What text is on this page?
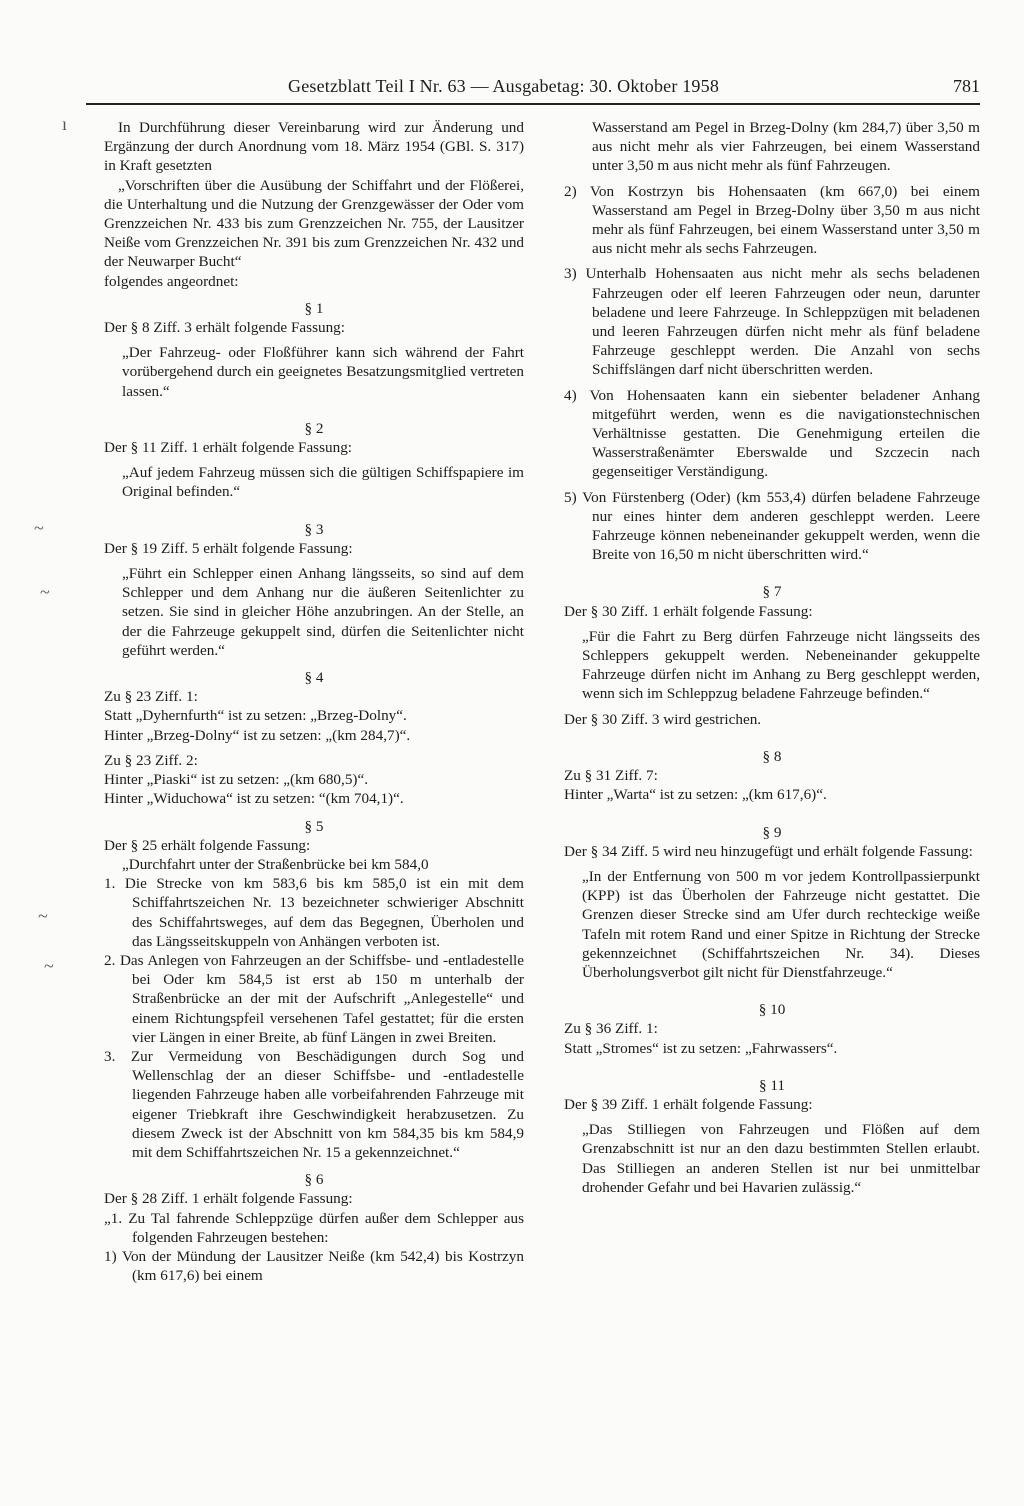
Gesetzblatt Teil I Nr. 63 — Ausgabetag: 30. Oktober 1958	781
ı
~
~
~
~

In Durchführung dieser Vereinbarung wird zur Änderung und Ergänzung der durch Anordnung vom 18. März 1954 (GBl. S. 317) in Kraft gesetzten

„Vorschriften über die Ausübung der Schiffahrt und der Flößerei, die Unterhaltung und die Nutzung der Grenzgewässer der Oder vom Grenzzeichen Nr. 433 bis zum Grenzzeichen Nr. 755, der Lausitzer Neiße vom Grenzzeichen Nr. 391 bis zum Grenzzeichen Nr. 432 und der Neuwarper Bucht“

folgendes angeordnet:

§ 1

Der § 8 Ziff. 3 erhält folgende Fassung:

„Der Fahrzeug- oder Floßführer kann sich während der Fahrt vorübergehend durch ein geeignetes Besatzungsmitglied vertreten lassen.“

§ 2

Der § 11 Ziff. 1 erhält folgende Fassung:

„Auf jedem Fahrzeug müssen sich die gültigen Schiffspapiere im Original befinden.“

§ 3

Der § 19 Ziff. 5 erhält folgende Fassung:

„Führt ein Schlepper einen Anhang längsseits, so sind auf dem Schlepper und dem Anhang nur die äußeren Seitenlichter zu setzen. Sie sind in gleicher Höhe anzubringen. An der Stelle, an der die Fahrzeuge gekuppelt sind, dürfen die Seitenlichter nicht geführt werden.“

§ 4

Zu § 23 Ziff. 1:

Statt „Dyhernfurth“ ist zu setzen: „Brzeg-Dolny“.

Hinter „Brzeg-Dolny“ ist zu setzen: „(km 284,7)“.

Zu § 23 Ziff. 2:

Hinter „Piaski“ ist zu setzen: „(km 680,5)“.

Hinter „Widuchowa“ ist zu setzen: “(km 704,1)“.

§ 5

Der § 25 erhält folgende Fassung:

„Durchfahrt unter der Straßenbrücke bei km 584,0

1. Die Strecke von km 583,6 bis km 585,0 ist ein mit dem Schiffahrtszeichen Nr. 13 bezeichneter schwieriger Abschnitt des Schiffahrtsweges, auf dem das Begegnen, Überholen und das Längsseitskuppeln von Anhängen verboten ist.

2. Das Anlegen von Fahrzeugen an der Schiffsbe- und -entladestelle bei Oder km 584,5 ist erst ab 150 m unterhalb der Straßenbrücke an der mit der Aufschrift „Anlegestelle“ und einem Richtungspfeil versehenen Tafel gestattet; für die ersten vier Längen in einer Breite, ab fünf Längen in zwei Breiten.

3. Zur Vermeidung von Beschädigungen durch Sog und Wellenschlag der an dieser Schiffsbe- und -entladestelle liegenden Fahrzeuge haben alle vorbeifahrenden Fahrzeuge mit eigener Triebkraft ihre Geschwindigkeit herabzusetzen. Zu diesem Zweck ist der Abschnitt von km 584,35 bis km 584,9 mit dem Schiffahrtszeichen Nr. 15 a gekennzeichnet.“

§ 6

Der § 28 Ziff. 1 erhält folgende Fassung:

„1. Zu Tal fahrende Schleppzüge dürfen außer dem Schlepper aus folgenden Fahrzeugen bestehen:

1) Von der Mündung der Lausitzer Neiße (km 542,4) bis Kostrzyn (km 617,6) bei einem

Wasserstand am Pegel in Brzeg-Dolny (km 284,7) über 3,50 m aus nicht mehr als vier Fahrzeugen, bei einem Wasserstand unter 3,50 m aus nicht mehr als fünf Fahrzeugen.

2) Von Kostrzyn bis Hohensaaten (km 667,0) bei einem Wasserstand am Pegel in Brzeg-Dolny über 3,50 m aus nicht mehr als fünf Fahrzeugen, bei einem Wasserstand unter 3,50 m aus nicht mehr als sechs Fahrzeugen.

3) Unterhalb Hohensaaten aus nicht mehr als sechs beladenen Fahrzeugen oder elf leeren Fahrzeugen oder neun, darunter beladene und leere Fahrzeuge. In Schleppzügen mit beladenen und leeren Fahrzeugen dürfen nicht mehr als fünf beladene Fahrzeuge geschleppt werden. Die Anzahl von sechs Schiffslängen darf nicht überschritten werden.

4) Von Hohensaaten kann ein siebenter beladener Anhang mitgeführt werden, wenn es die navigationstechnischen Verhältnisse gestatten. Die Genehmigung erteilen die Wasserstraßenämter Eberswalde und Szczecin nach gegenseitiger Verständigung.

5) Von Fürstenberg (Oder) (km 553,4) dürfen beladene Fahrzeuge nur eines hinter dem anderen geschleppt werden. Leere Fahrzeuge können nebeneinander gekuppelt werden, wenn die Breite von 16,50 m nicht überschritten wird.“

§ 7

Der § 30 Ziff. 1 erhält folgende Fassung:

„Für die Fahrt zu Berg dürfen Fahrzeuge nicht längsseits des Schleppers gekuppelt werden. Nebeneinander gekuppelte Fahrzeuge dürfen nicht im Anhang zu Berg geschleppt werden, wenn sich im Schleppzug beladene Fahrzeuge befinden.“

Der § 30 Ziff. 3 wird gestrichen.

§ 8

Zu § 31 Ziff. 7:

Hinter „Warta“ ist zu setzen: „(km 617,6)“.

§ 9

Der § 34 Ziff. 5 wird neu hinzugefügt und erhält folgende Fassung:

„In der Entfernung von 500 m vor jedem Kontrollpassierpunkt (KPP) ist das Überholen der Fahrzeuge nicht gestattet. Die Grenzen dieser Strecke sind am Ufer durch rechteckige weiße Tafeln mit rotem Rand und einer Spitze in Richtung der Strecke gekennzeichnet (Schiffahrtszeichen Nr. 34). Dieses Überholungsverbot gilt nicht für Dienstfahrzeuge.“

§ 10

Zu § 36 Ziff. 1:

Statt „Stromes“ ist zu setzen: „Fahrwassers“.

§ 11

Der § 39 Ziff. 1 erhält folgende Fassung:

„Das Stilliegen von Fahrzeugen und Flößen auf dem Grenzabschnitt ist nur an den dazu bestimmten Stellen erlaubt. Das Stilliegen an anderen Stellen ist nur bei unmittelbar drohender Gefahr und bei Havarien zulässig.“
